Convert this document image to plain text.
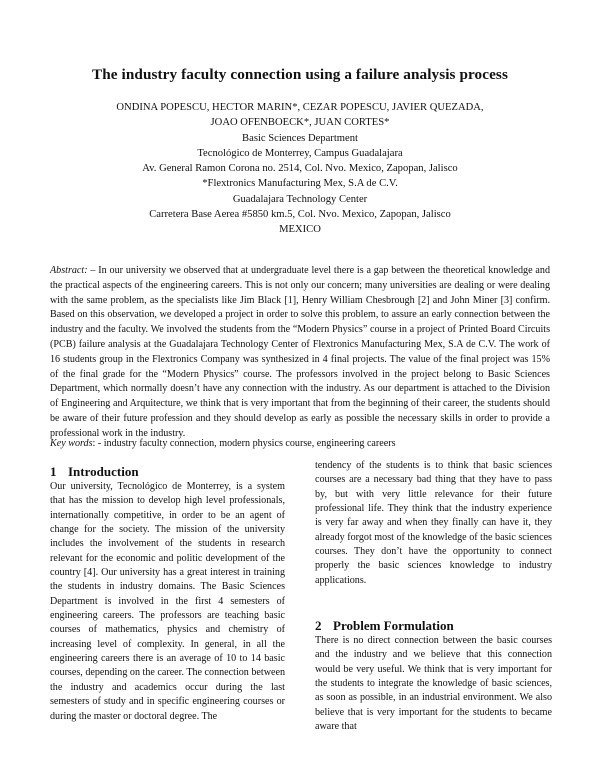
The industry faculty connection using a failure analysis process
ONDINA POPESCU, HECTOR MARIN*, CEZAR POPESCU, JAVIER QUEZADA,
JOAO OFENBOECK*, JUAN CORTES*
Basic Sciences Department
Tecnológico de Monterrey, Campus Guadalajara
Av. General Ramon Corona no. 2514, Col. Nvo. Mexico, Zapopan, Jalisco
*Flextronics Manufacturing Mex, S.A de C.V.
Guadalajara Technology Center
Carretera Base Aerea #5850 km.5, Col. Nvo. Mexico, Zapopan, Jalisco
MEXICO
Abstract: – In our university we observed that at undergraduate level there is a gap between the theoretical knowledge and the practical aspects of the engineering careers. This is not only our concern; many universities are dealing or were dealing with the same problem, as the specialists like Jim Black [1], Henry William Chesbrough [2] and John Miner [3] confirm. Based on this observation, we developed a project in order to solve this problem, to assure an early connection between the industry and the faculty. We involved the students from the “Modern Physics” course in a project of Printed Board Circuits (PCB) failure analysis at the Guadalajara Technology Center of Flextronics Manufacturing Mex, S.A de C.V. The work of 16 students group in the Flextronics Company was synthesized in 4 final projects. The value of the final project was 15% of the final grade for the “Modern Physics” course. The professors involved in the project belong to Basic Sciences Department, which normally doesn’t have any connection with the industry. As our department is attached to the Division of Engineering and Arquitecture, we think that is very important that from the beginning of their career, the students should be aware of their future profession and they should develop as early as possible the necessary skills in order to provide a professional work in the industry.
Key words: - industry faculty connection, modern physics course, engineering careers
1 Introduction
Our university, Tecnológico de Monterrey, is a system that has the mission to develop high level professionals, internationally competitive, in order to be an agent of change for the society. The mission of the university includes the involvement of the students in research relevant for the economic and politic development of the country [4]. Our university has a great interest in training the students in industry domains. The Basic Sciences Department is involved in the first 4 semesters of engineering careers. The professors are teaching basic courses of mathematics, physics and chemistry of increasing level of complexity. In general, in all the engineering careers there is an average of 10 to 14 basic courses, depending on the career. The connection between the industry and academics occur during the last semesters of study and in specific engineering courses or during the master or doctoral degree. The
tendency of the students is to think that basic sciences courses are a necessary bad thing that they have to pass by, but with very little relevance for their future professional life. They think that the industry experience is very far away and when they finally can have it, they already forgot most of the knowledge of the basic sciences courses. They don’t have the opportunity to connect properly the basic sciences knowledge to industry applications.
2 Problem Formulation
There is no direct connection between the basic courses and the industry and we believe that this connection would be very useful. We think that is very important for the students to integrate the knowledge of basic sciences, as soon as possible, in an industrial environment. We also believe that is very important for the students to became aware that
